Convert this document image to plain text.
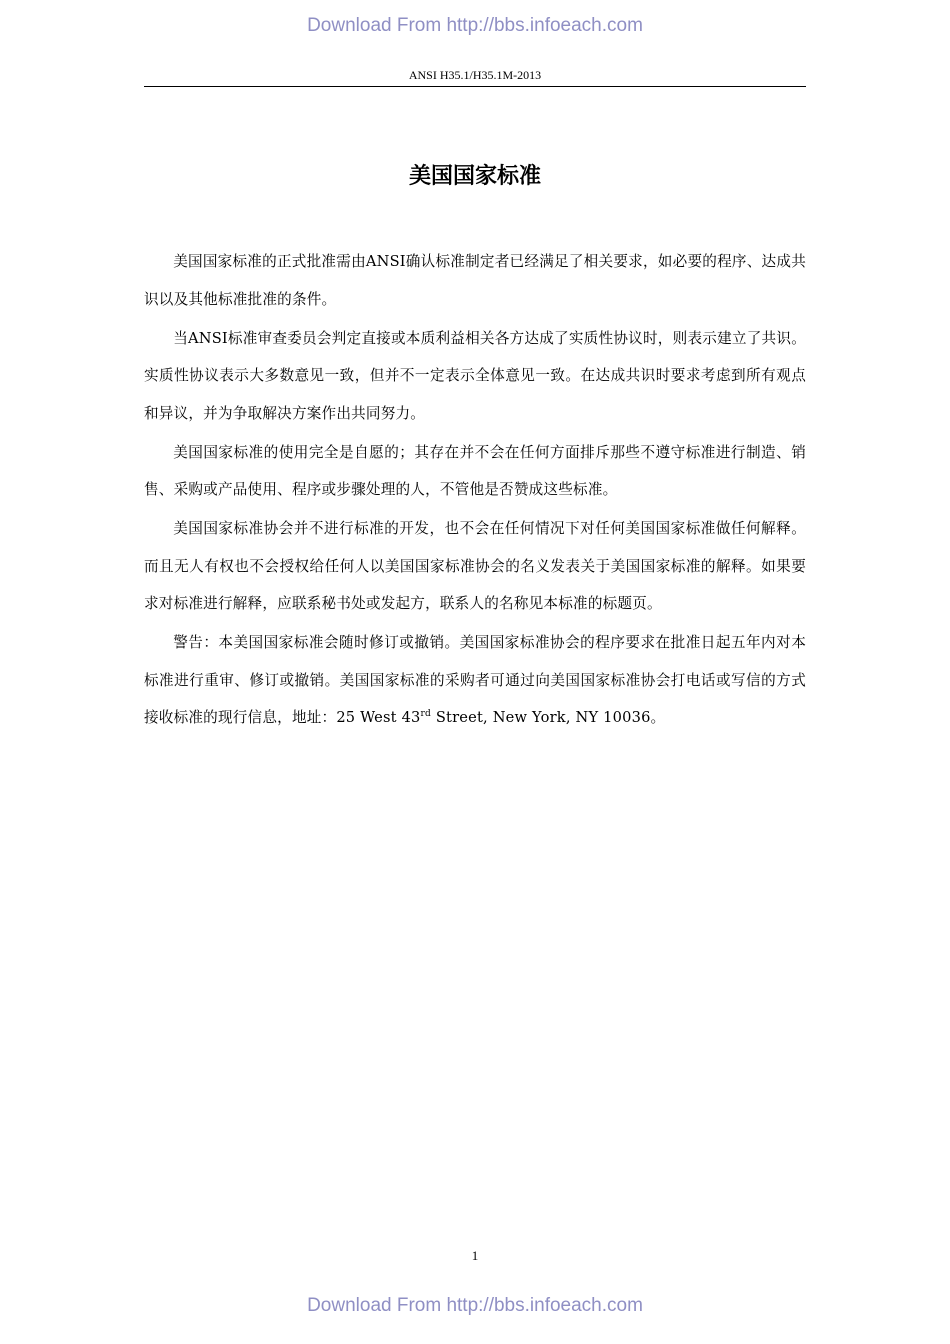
Download From http://bbs.infoeach.com
ANSI H35.1/H35.1M-2013
美国国家标准

美国国家标准的正式批准需由ANSI确认标准制定者已经满足了相关要求，如必要的程序、达成共识以及其他标准批准的条件。

当ANSI标准审查委员会判定直接或本质利益相关各方达成了实质性协议时，则表示建立了共识。实质性协议表示大多数意见一致，但并不一定表示全体意见一致。在达成共识时要求考虑到所有观点和异议，并为争取解决方案作出共同努力。

美国国家标准的使用完全是自愿的；其存在并不会在任何方面排斥那些不遵守标准进行制造、销售、采购或产品使用、程序或步骤处理的人，不管他是否赞成这些标准。

美国国家标准协会并不进行标准的开发，也不会在任何情况下对任何美国国家标准做任何解释。而且无人有权也不会授权给任何人以美国国家标准协会的名义发表关于美国国家标准的解释。如果要求对标准进行解释，应联系秘书处或发起方，联系人的名称见本标准的标题页。

警告：本美国国家标准会随时修订或撤销。美国国家标准协会的程序要求在批准日起五年内对本标准进行重审、修订或撤销。美国国家标准的采购者可通过向美国国家标准协会打电话或写信的方式接收标准的现行信息，地址：25 West 43rd Street, New York, NY 10036。

1
Download From http://bbs.infoeach.com
